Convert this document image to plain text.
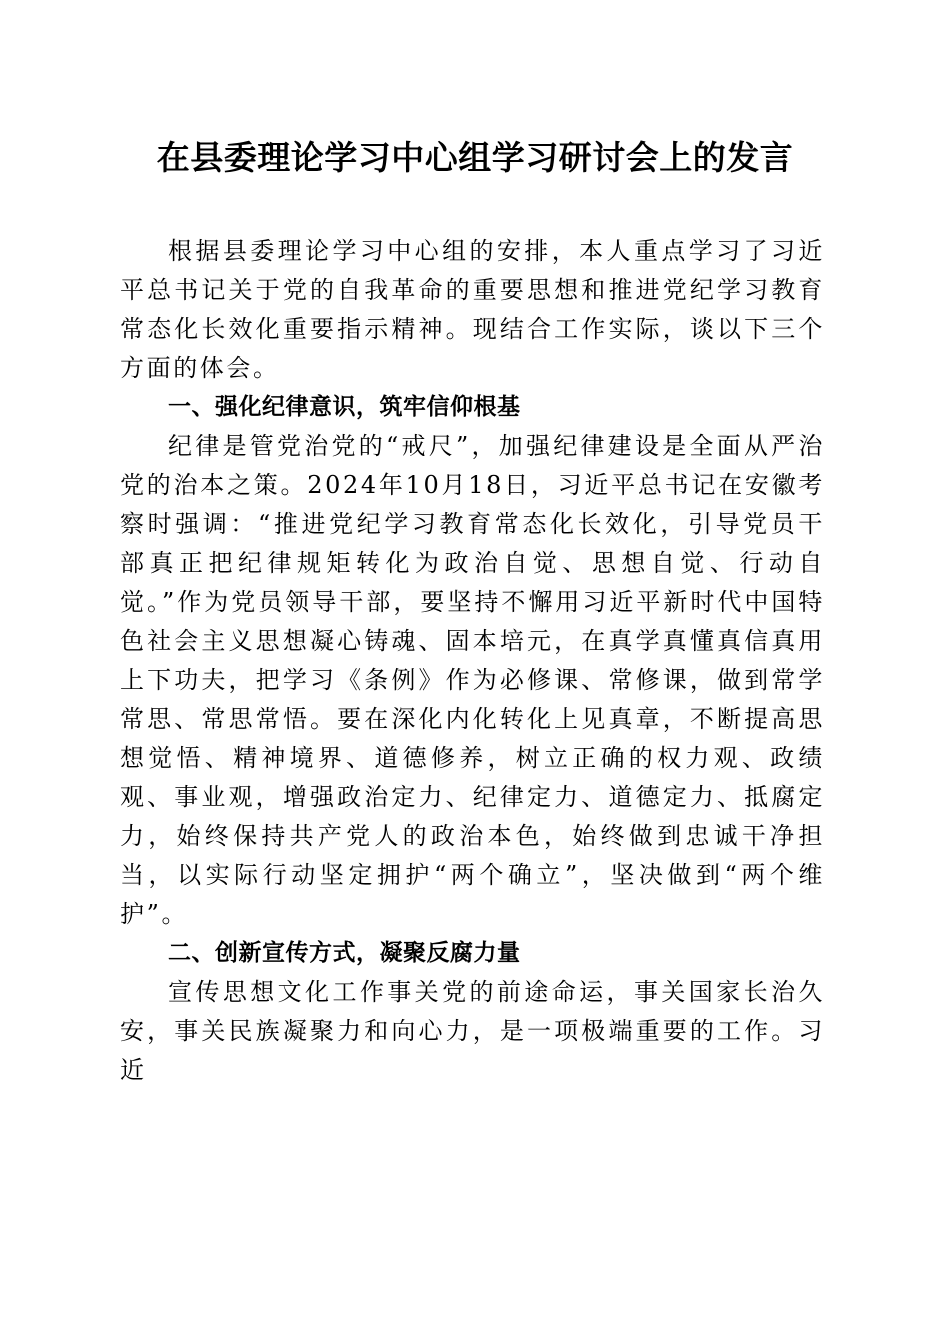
在县委理论学习中心组学习研讨会上的发言

根据县委理论学习中心组的安排，本人重点学习了习近平总书记关于党的自我革命的重要思想和推进党纪学习教育常态化长效化重要指示精神。现结合工作实际，谈以下三个方面的体会。

一、强化纪律意识，筑牢信仰根基

纪律是管党治党的“戒尺”，加强纪律建设是全面从严治党的治本之策。2024年10月18日，习近平总书记在安徽考察时强调：“推进党纪学习教育常态化长效化，引导党员干部真正把纪律规矩转化为政治自觉、思想自觉、行动自觉。”作为党员领导干部，要坚持不懈用习近平新时代中国特色社会主义思想凝心铸魂、固本培元，在真学真懂真信真用上下功夫，把学习《条例》作为必修课、常修课，做到常学常思、常思常悟。要在深化内化转化上见真章，不断提高思想觉悟、精神境界、道德修养，树立正确的权力观、政绩观、事业观，增强政治定力、纪律定力、道德定力、抵腐定力，始终保持共产党人的政治本色，始终做到忠诚干净担当，以实际行动坚定拥护“两个确立”，坚决做到“两个维护”。

二、创新宣传方式，凝聚反腐力量

宣传思想文化工作事关党的前途命运，事关国家长治久安，事关民族凝聚力和向心力，是一项极端重要的工作。习近
